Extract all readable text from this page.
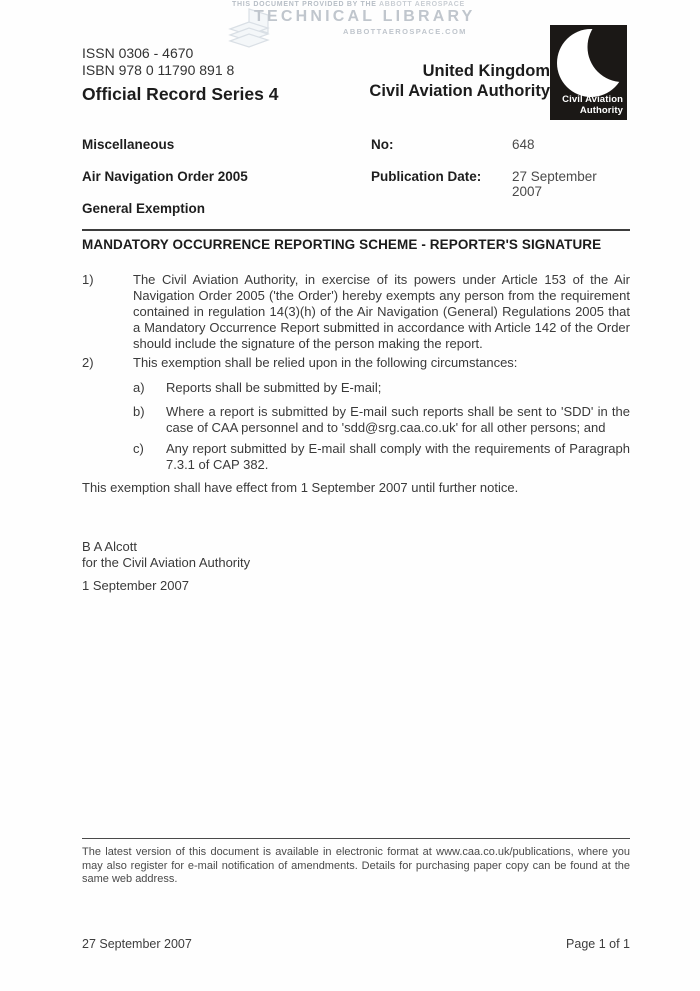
THIS DOCUMENT PROVIDED BY THE ABBOTT AEROSPACE
TECHNICAL LIBRARY
ABBOTTAEROSPACE.COM
ISSN 0306 - 4670
ISBN 978 0 11790 891 8
Official Record Series 4
United Kingdom
Civil Aviation Authority Civil Aviation
Authority
Miscellaneous	No:	648
Air Navigation Order 2005	Publication Date: 27 September 2007
General Exemption
MANDATORY OCCURRENCE REPORTING SCHEME - REPORTER'S SIGNATURE
1)	The Civil Aviation Authority, in exercise of its powers under Article 153 of the Air Navigation Order 2005 ('the Order') hereby exempts any person from the requirement contained in regulation 14(3)(h) of the Air Navigation (General) Regulations 2005 that a Mandatory Occurrence Report submitted in accordance with Article 142 of the Order should include the signature of the person making the report.
2)	This exemption shall be relied upon in the following circumstances:
a)	Reports shall be submitted by E-mail;
b)	Where a report is submitted by E-mail such reports shall be sent to 'SDD' in the case of CAA personnel and to 'sdd@srg.caa.co.uk' for all other persons; and
c)	Any report submitted by E-mail shall comply with the requirements of Paragraph 7.3.1 of CAP 382.
This exemption shall have effect from 1 September 2007 until further notice.
B A Alcott
for the Civil Aviation Authority
1 September 2007
The latest version of this document is available in electronic format at www.caa.co.uk/publications, where you may also register for e-mail notification of amendments. Details for purchasing paper copy can be found at the same web address.
27 September 2007	Page 1 of 1
